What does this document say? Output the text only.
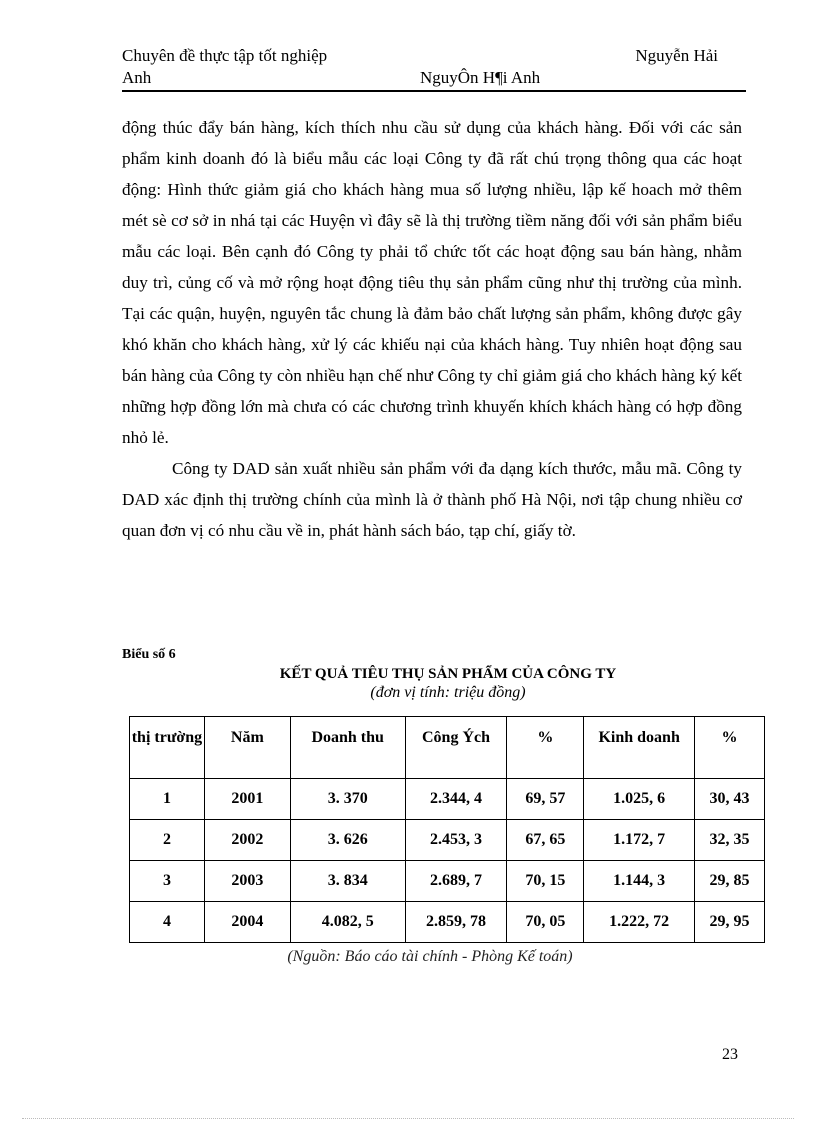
Chuyên đề thực tập tốt nghiệp	Nguyễn Hải
Anh	NguyÔn H¶i Anh

động thúc đẩy bán hàng, kích thích nhu cầu sử dụng của khách hàng. Đối với các sản phẩm kinh doanh đó là biểu mẫu các loại Công ty đã rất chú trọng thông qua các hoạt động: Hình thức giảm giá cho khách hàng mua số lượng nhiều, lập kế hoach mở thêm mét sè cơ sở in nhá tại các Huyện vì đây sẽ là thị trường tiềm năng đối với sản phẩm biểu mẫu các loại. Bên cạnh đó Công ty phải tổ chức tốt các hoạt động sau bán hàng, nhằm duy trì, củng cố và mở rộng hoạt động tiêu thụ sản phẩm cũng như thị trường của mình. Tại các quận, huyện, nguyên tắc chung là đảm bảo chất lượng sản phẩm, không được gây khó khăn cho khách hàng, xử lý các khiếu nại của khách hàng. Tuy nhiên hoạt động sau bán hàng của Công ty còn nhiều hạn chế như Công ty chỉ giảm giá cho khách hàng ký kết những hợp đồng lớn mà chưa có các chương trình khuyến khích khách hàng có hợp đồng nhỏ lẻ.

Công ty DAD sản xuất nhiều sản phẩm với đa dạng kích thước, mẫu mã. Công ty DAD xác định thị trường chính của mình là ở thành phố Hà Nội, nơi tập chung nhiều cơ quan đơn vị có nhu cầu về in, phát hành sách báo, tạp chí, giấy tờ.

Biểu số 6
KẾT QUẢ TIÊU THỤ SẢN PHẨM CỦA CÔNG TY
(đơn vị tính: triệu đồng)
thị trường	Năm	Doanh thu	Công Ých	%	Kinh doanh	%
1	2001	3. 370	2.344, 4	69, 57	1.025, 6	30, 43
2	2002	3. 626	2.453, 3	67, 65	1.172, 7	32, 35
3	2003	3. 834	2.689, 7	70, 15	1.144, 3	29, 85
4	2004	4.082, 5	2.859, 78	70, 05	1.222, 72	29, 95
(Nguồn: Báo cáo tài chính - Phòng Kế toán)
23
